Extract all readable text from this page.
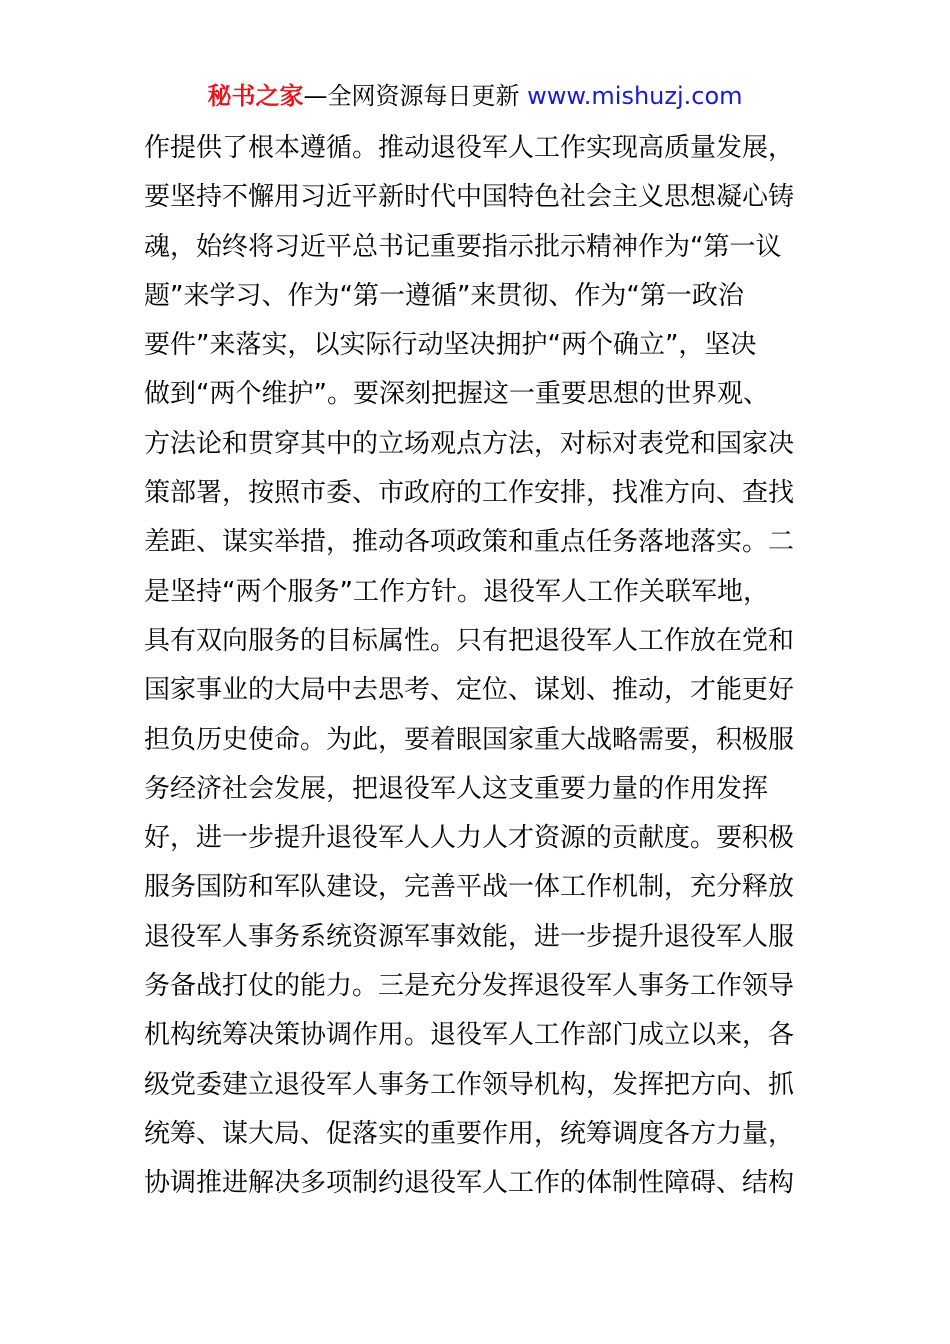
秘书之家—全网资源每日更新 www.mishuzj.com
作提供了根本遵循。推动退役军人工作实现高质量发展，
要坚持不懈用习近平新时代中国特色社会主义思想凝心铸
魂，始终将习近平总书记重要指示批示精神作为“第一议
题”来学习、作为“第一遵循”来贯彻、作为“第一政治
要件”来落实，以实际行动坚决拥护“两个确立”，坚决
做到“两个维护”。要深刻把握这一重要思想的世界观、
方法论和贯穿其中的立场观点方法，对标对表党和国家决
策部署，按照市委、市政府的工作安排，找准方向、查找
差距、谋实举措，推动各项政策和重点任务落地落实。二
是坚持“两个服务”工作方针。退役军人工作关联军地，
具有双向服务的目标属性。只有把退役军人工作放在党和
国家事业的大局中去思考、定位、谋划、推动，才能更好
担负历史使命。为此，要着眼国家重大战略需要，积极服
务经济社会发展，把退役军人这支重要力量的作用发挥
好，进一步提升退役军人人力人才资源的贡献度。要积极
服务国防和军队建设，完善平战一体工作机制，充分释放
退役军人事务系统资源军事效能，进一步提升退役军人服
务备战打仗的能力。三是充分发挥退役军人事务工作领导
机构统筹决策协调作用。退役军人工作部门成立以来，各
级党委建立退役军人事务工作领导机构，发挥把方向、抓
统筹、谋大局、促落实的重要作用，统筹调度各方力量，
协调推进解决多项制约退役军人工作的体制性障碍、结构
